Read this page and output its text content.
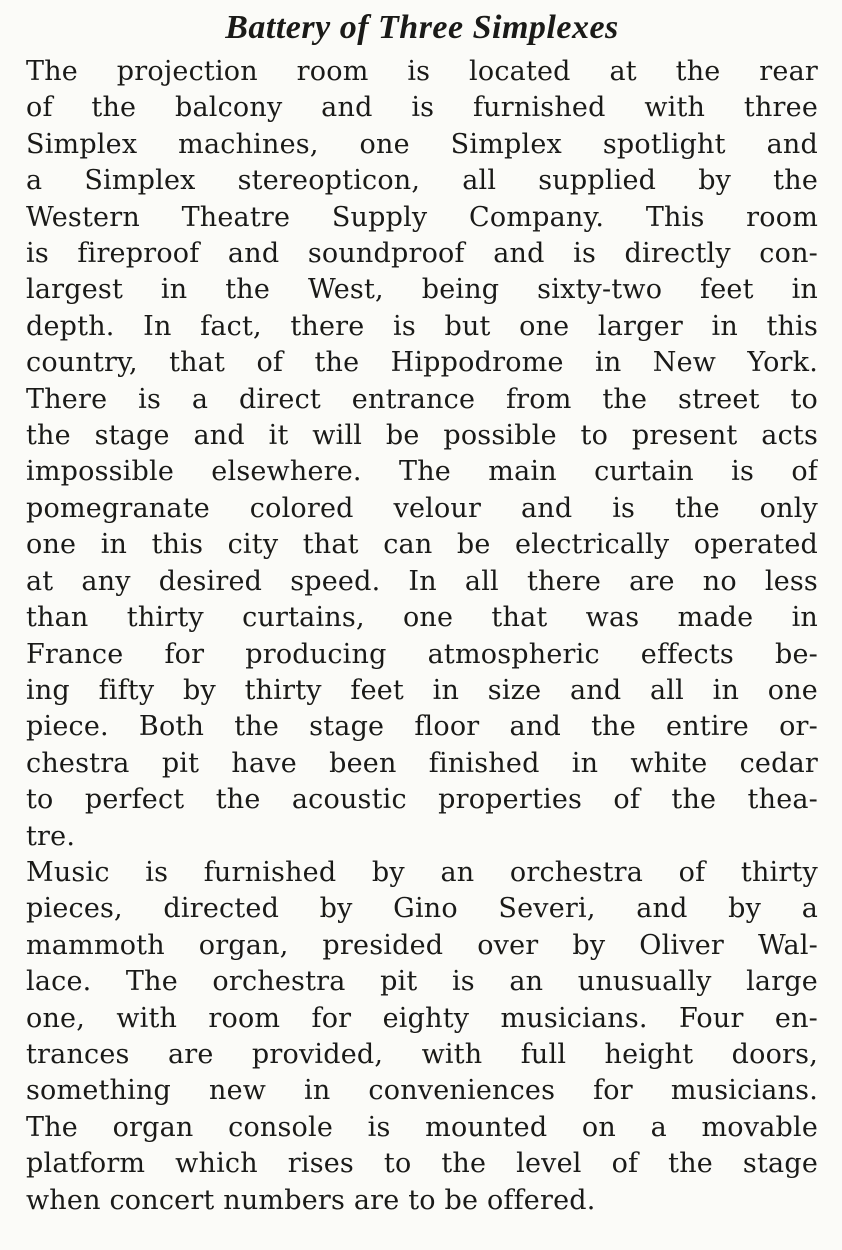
Battery of Three Simplexes

The projection room is located at the rear
of the balcony and is furnished with three
Simplex machines, one Simplex spotlight and
a Simplex stereopticon, all supplied by the
Western Theatre Supply Company. This room
is fireproof and soundproof and is directly con-
largest in the West, being sixty-two feet in
depth. In fact, there is but one larger in this
country, that of the Hippodrome in New York.
There is a direct entrance from the street to
the stage and it will be possible to present acts
impossible elsewhere. The main curtain is of
pomegranate colored velour and is the only
one in this city that can be electrically operated
at any desired speed. In all there are no less
than thirty curtains, one that was made in
France for producing atmospheric effects be-
ing fifty by thirty feet in size and all in one
piece. Both the stage floor and the entire or-
chestra pit have been finished in white cedar
to perfect the acoustic properties of the thea-
tre.

Music is furnished by an orchestra of thirty
pieces, directed by Gino Severi, and by a
mammoth organ, presided over by Oliver Wal-
lace. The orchestra pit is an unusually large
one, with room for eighty musicians. Four en-
trances are provided, with full height doors,
something new in conveniences for musicians.
The organ console is mounted on a movable
platform which rises to the level of the stage
when concert numbers are to be offered.
